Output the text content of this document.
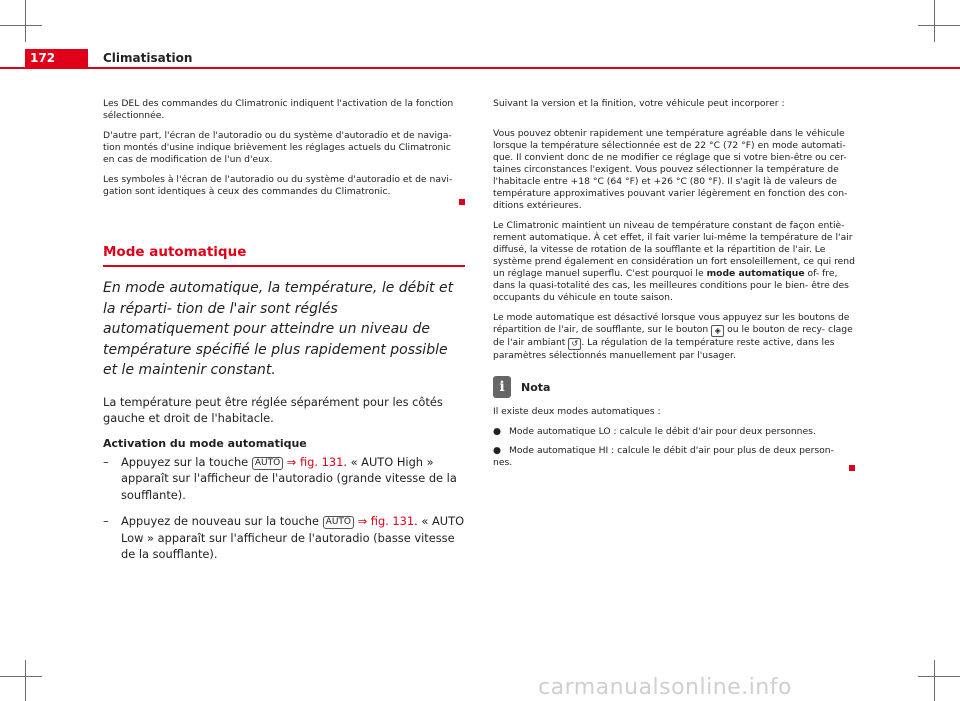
172	Climatisation

Les DEL des commandes du Climatronic indiquent l'activation de la fonction sélectionnée.

D'autre part, l'écran de l'autoradio ou du système d'autoradio et de naviga- tion montés d'usine indique brièvement les réglages actuels du Climatronic en cas de modification de l'un d'eux.

Les symboles à l'écran de l'autoradio ou du système d'autoradio et de navi- gation sont identiques à ceux des commandes du Climatronic.

Mode automatique

En mode automatique, la température, le débit et la réparti- tion de l'air sont réglés automatiquement pour atteindre un niveau de température spécifié le plus rapidement possible et le maintenir constant.

La température peut être réglée séparément pour les côtés gauche et droit de l'habitacle.

Activation du mode automatique

– Appuyez sur la touche AUTO ⇒ fig. 131. « AUTO High » apparaît sur l'afficheur de l'autoradio (grande vitesse de la soufflante).

– Appuyez de nouveau sur la touche AUTO ⇒ fig. 131. « AUTO Low » apparaît sur l'afficheur de l'autoradio (basse vitesse de la soufflante).

Suivant la version et la finition, votre véhicule peut incorporer :

Vous pouvez obtenir rapidement une température agréable dans le véhicule lorsque la température sélectionnée est de 22 °C (72 °F) en mode automati- que. Il convient donc de ne modifier ce réglage que si votre bien-être ou cer- taines circonstances l'exigent. Vous pouvez sélectionner la température de l'habitacle entre +18 °C (64 °F) et +26 °C (80 °F). Il s'agit là de valeurs de température approximatives pouvant varier légèrement en fonction des con- ditions extérieures.

Le Climatronic maintient un niveau de température constant de façon entiè- rement automatique. À cet effet, il fait varier lui-même la température de l'air diffusé, la vitesse de rotation de la soufflante et la répartition de l'air. Le système prend également en considération un fort ensoleillement, ce qui rend un réglage manuel superflu. C'est pourquoi le mode automatique of- fre, dans la quasi-totalité des cas, les meilleures conditions pour le bien- être des occupants du véhicule en toute saison.

Le mode automatique est désactivé lorsque vous appuyez sur les boutons de répartition de l'air, de soufflante, sur le bouton ◈ ou le bouton de recy- clage de l'air ambiant ↺ . La régulation de la température reste active, dans les paramètres sélectionnés manuellement par l'usager.

i	Nota

Il existe deux modes automatiques :

● Mode automatique LO : calcule le débit d'air pour deux personnes.

● Mode automatique HI : calcule le débit d'air pour plus de deux person- nes.

carmanualsonline.info
